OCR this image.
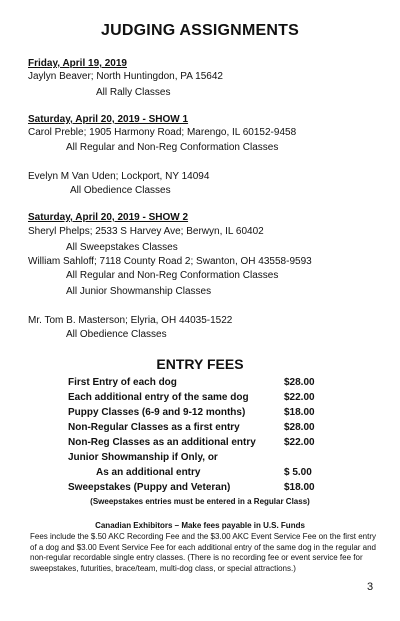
JUDGING ASSIGNMENTS
Friday, April 19, 2019
Jaylyn Beaver; North Huntingdon, PA 15642
All Rally Classes
Saturday, April 20, 2019 - SHOW 1
Carol Preble; 1905 Harmony Road; Marengo, IL 60152-9458
All Regular and Non-Reg Conformation Classes
Evelyn M Van Uden; Lockport, NY 14094
All Obedience Classes
Saturday, April 20, 2019 - SHOW 2
Sheryl Phelps; 2533 S Harvey Ave; Berwyn, IL 60402
All Sweepstakes Classes
William Sahloff; 7118 County Road 2; Swanton, OH 43558-9593
All Regular and Non-Reg Conformation Classes
All Junior Showmanship Classes
Mr. Tom B. Masterson; Elyria, OH 44035-1522
All Obedience Classes
ENTRY FEES
First Entry of each dog	$28.00
Each additional entry of the same dog	$22.00
Puppy Classes (6-9 and 9-12 months)	$18.00
Non-Regular Classes as a first entry	$28.00
Non-Reg Classes as an additional entry	$22.00
Junior Showmanship if Only, or
As an additional entry	$ 5.00
Sweepstakes (Puppy and Veteran)	$18.00
(Sweepstakes entries must be entered in a Regular Class)
Canadian Exhibitors – Make fees payable in U.S. Funds
Fees include the $.50 AKC Recording Fee and the $3.00 AKC Event Service Fee on the first entry of a dog and $3.00 Event Service Fee for each additional entry of the same dog in the regular and non-regular recordable single entry classes. (There is no recording fee or event service fee for sweepstakes, futurities, brace/team, multi-dog class, or special attractions.)
3
